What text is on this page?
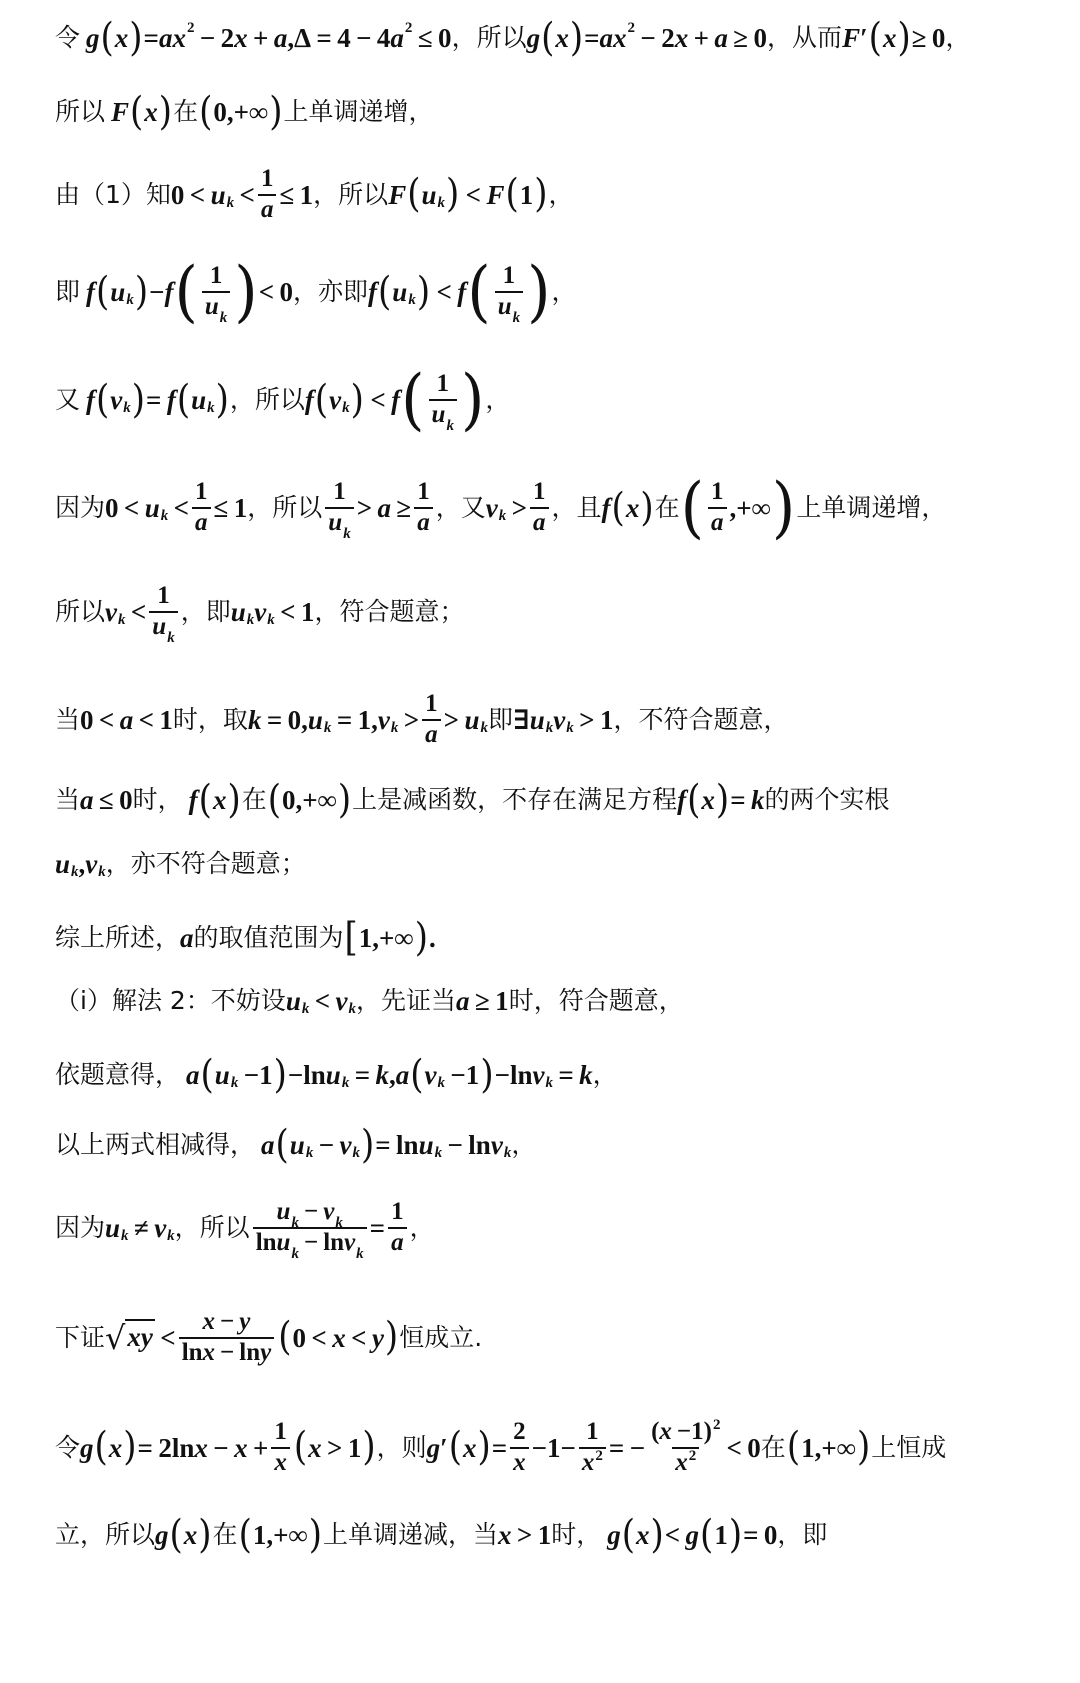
令 g ( x ) = ax 2  − 2 x  +  a ,Δ = 4 − 4 a 2  ≤ 0 ，所以 g ( x ) = ax 2  − 2 x  +  a  ≥ 0 ，从而 F ′ ( x ) ≥ 0 ，
所以 F ( x ) 在 ( 0,+∞ ) 上单调递增，
由（1）知 0 <  u $k < \frac{1}{a} \le 1$ ，所以 F ( u k )  <  F ( 1 ) ，
即 f ( u k ) − f ( $\frac{1}{u_k}$ ) < 0 ，亦即 f ( u k )  <  f ( $\frac{1}{u_k}$ ) ，
又 f ( v k ) =  f ( u k ) ，所以 f ( v k )  <  f ( $\frac{1}{u_k}$ ) ，
因为 0 <  u $k < \frac{1}{a} \le 1$ ，所以 $\frac{1}{u_k} > a \ge \frac{1}{a}$ ，又 v $k > \frac{1}{a}$ ，且 f ( x ) 在 ( $\frac{1}{a}$ ,+∞ ) 上单调递增，
所以 v $k < \frac{1}{u_k}$ ，即 u k v k  < 1 ，符合题意；
当 0 <  a  < 1 时，取 k  = 0, u k  = 1, v $k > \frac{1}{a} > u$ k 即 ∃ u k v k  > 1 ，不符合题意，
当 a  ≤ 0 时， f ( x ) 在 ( 0,+∞ ) 上是减函数，不存在满足方程 f ( x ) =  k 的两个实根
u k , v k ，亦不符合题意；
综上所述， a 的取值范围为 [ 1,+∞ ) .
（i）解法 2：不妨设 u k  <  v k ，先证当 a  ≥ 1 时，符合题意，
依题意得， a ( u k  −1 ) −ln u k  =  k , a ( v k  −1 ) −ln v k  =  k ，
以上两式相减得， a ( u k  −  v k ) = ln u k  − ln v k ，
因为 u k  ≠  v k ，所以 $\frac{u_k - v_k}{\ln u_k - \ln v_k} = \frac{1}{a}$ ，
下证 √ xy  < $\frac{x - y}{\ln x - \ln y}$ ( 0 <  x  <  y ) 恒成立.
令 g ( x ) = 2ln $x - x + \frac{1}{x}$ ( x  > 1 ) ，则 g ′ ( x ) = $\frac{2}{x} -1- \frac{1}{x^2}$ = − $\frac{(x -1)^2}{x^2} < 0$ 在 ( 1,+∞ ) 上恒成
立，所以 g ( x ) 在 ( 1,+∞ ) 上单调递减，当 x  > 1 时， g ( x ) <  g ( 1 ) = 0 ，即
